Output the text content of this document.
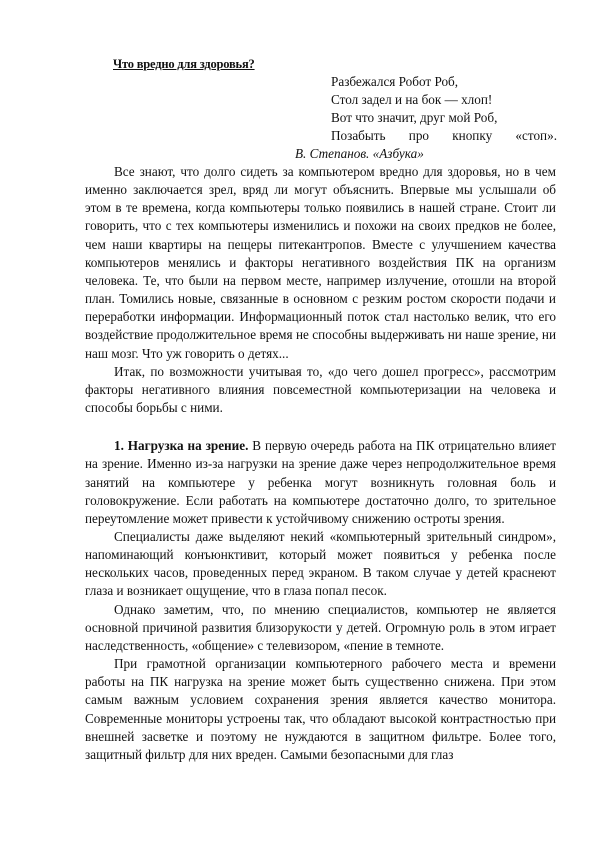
Что вредно для здоровья?
Разбежался Робот Роб,
Стол задел и на бок — хлоп!
Вот что значит, друг мой Роб,
Позабыть про кнопку «стоп».
В. Степанов. «Азбука»

Все знают, что долго сидеть за компьютером вредно для здоровья, но в чем именно заключается зрел, вряд ли могут объяснить. Впервые мы услышали об этом в те времена, когда компьютеры только появились в нашей стране. Стоит ли говорить, что с тех компьютеры изменились и похожи на своих предков не более, чем наши квартиры на пещеры питекантропов. Вместе с улучшением качества компьютеров менялись и факторы негативного воздействия ПК на организм человека. Те, что были на первом месте, например излучение, отошли на второй план. Томились новые, связанные в основном с резким ростом скорости подачи и переработки информации. Информационный поток стал настолько велик, что его воздействие продолжительное время не способны выдерживать ни наше зрение, ни наш мозг. Что уж говорить о детях...

Итак, по возможности учитывая то, «до чего дошел прогресс», рассмотрим факторы негативного влияния повсеместной компьютеризации на человека и способы борьбы с ними.

1. Нагрузка на зрение. В первую очередь работа на ПК отрицательно влияет на зрение. Именно из-за нагрузки на зрение даже через непродолжительное время занятий на компьютере у ребенка могут возникнуть головная боль и головокружение. Если работать на компьютере достаточно долго, то зрительное переутомление может привести к устойчивому снижению остроты зрения.

Специалисты даже выделяют некий «компьютерный зрительный синдром», напоминающий конъюнктивит, который может появиться у ребенка после нескольких часов, проведенных перед экраном. В таком случае у детей краснеют глаза и возникает ощущение, что в глаза попал песок.

Однако заметим, что, по мнению специалистов, компьютер не является основной причиной развития близорукости у детей. Огромную роль в этом играет наследственность, «общение» с телевизором, «пение в темноте.

При грамотной организации компьютерного рабочего места и времени работы на ПК нагрузка на зрение может быть существенно снижена. При этом самым важным условием сохранения зрения является качество монитора. Современные мониторы устроены так, что обладают высокой контрастностью при внешней засветке и поэтому не нуждаются в защитном фильтре. Более того, защитный фильтр для них вреден. Самыми безопасными для глаз
